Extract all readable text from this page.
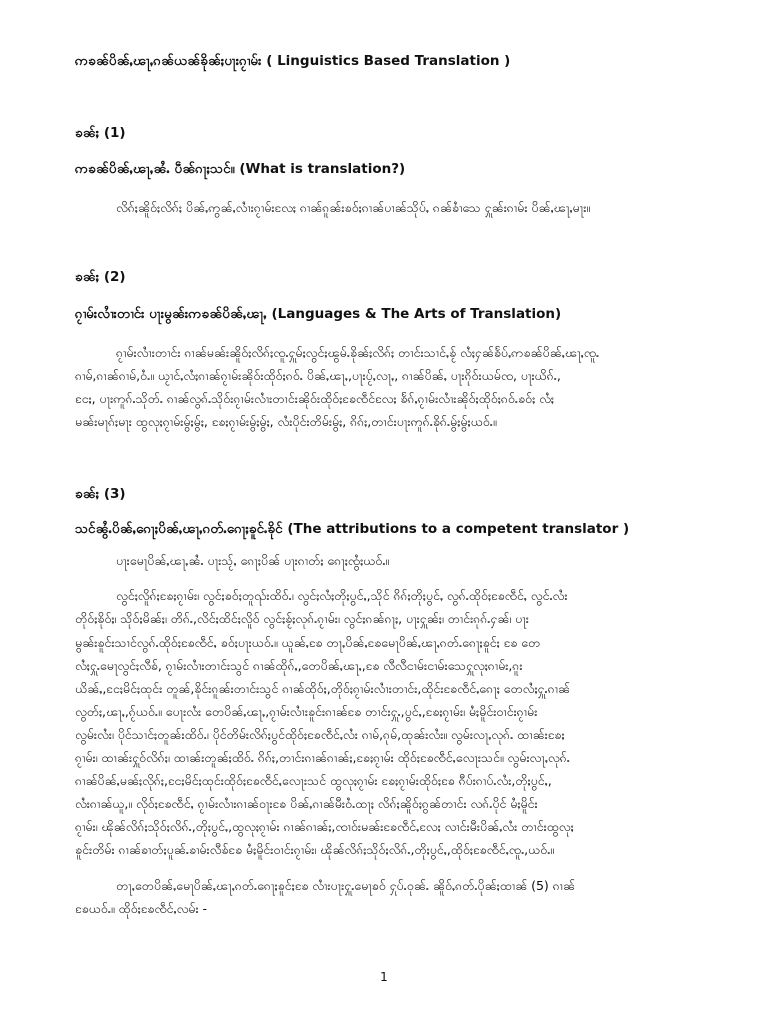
ဢၶၼ်ပိၼ်ႇၽႃႇၵၼ်ယၼ်ၶိုၼ်ႈပႃးၵႂၢမ်း ( Linguistics Based Translation )
ၶၼ်ႈ (1)
ဢၶၼ်ပိၼ်ႇၽႃႇၼႆႉ ပဵၼ်ၵႃႈသင်။ (What is translation?)
လိၵ်ႈၼိူဝ်ႈလိၵ်ႈ ပိၼ်ႇဢွၼ်ႇလၢႆးၵႂၢမ်းလႄႈ ၵၢၼ်ၵူၼ်းၶဝ်ႈၵၢၼ်ပၢၼ်သိုပ်ႇ ၵၼ်ၶၢႆသေ ႁူၼ်းၵၢမ်း ပိၼ်ႇၽႃႇမႃး။
ၶၼ်ႈ (2)
ၵႂၢမ်းလၢႆးတၢင်း ပႃးမွၼ်းဢၶၼ်ပိၼ်ႇၽႃႇ (Languages & The Arts of Translation)
ၵႂၢမ်းလၢႆးတၢင်း ၵၢၼ်မၼ်းၼိူဝ်ႈလိၵ်ႈၸူႉႁူမ်ႈလွင်ႈၽွမ်ႉၶိုၼ်ႈလိၵ်ႈ တၢင်းသၢင်ႇၶႂ် လႆႈႁၼ်ၶႅပ်ႇဢၶၼ်ပိၼ်ႇၽႃႇၸူႉ
ၵၢမ်,ၵၢၼ်ၵၢမ်,ဝႆႉ။ ယႂၢင်ႇလႆႈၵၢၼ်ၵႂၢမ်းၼိုဝ်းထိုဝ်ႈၵဝ်ႉ ပိၼ်ႇၽႃႇ,ပႃးပႂ်ႇလႃႇ, ၵၢၼ်ပိၼ်ႇ ပႃးၵိုဝ်းယမ်ၸ, ပႃးယိၵ်ႉ,
ငႄႈ, ပႃးဢူၵ်ႉသိုတ်ႉ ၵၢၼ်လွၵ်ႉသိုဝ်းၵႂၢမ်းလၢႆးတၢင်းၼိုဝ်းထိုဝ်ႈၶႄၸဵင်လႄႈ ၶႅၵ်ႇၵႂၢမ်းလၢႆးၼိုဝ်ႈထိုဝ်ႈၵဝ်ႉၶဝ်ႈ လႆႈ
မၼ်းမႃၵ်ႈမႃး ထွလုႈၵႂၢမ်းမွ်ႈမွ်ႈ, ၶႄႈၵႂၢမ်းမွ်ႈမွ်ႈ, လႆးပိုင်းတိမ်းမွ်ႈ, ၵိၵ်ႈ,တၢင်းပႃးဢူၵ်ႉၶိုၵ်ႉမွ်ႈမွ်ႈယဝ်ႉ။
ၶၼ်ႈ (3)
သင်ၼွႆႉပိၼ်ႇၵေႃႈပိၼ်ႇၽႃႇၵတ်ႉၵေႃႈၶူင်ႉၶိုင် (The attributions to a competent translator )
ပႃးမေႃပိၼ်ႇၽႃႇၼႆႉ ပႃးသႂ်ႇ ၵေႃႈပိၼ် ပႃးၵၢတ်ႈ ၵေႃႈၸွႆႈယဝ်ႉ။
လွင်ႈလိူၵ်ႈၶႄႈၵႂၢမ်း၊ လွင်ႈၶဝ်ႈတူၺ်းထိဝ်ႉ၊ လွင်ႈလႆႈတိုႈပွင်ႇ,သိုင် ၵိၵ်ႈတိုႈပွင်ႇ လွၵ်ႉထိုဝ်ႈၶႄၸဵင်ႇ လွင်ႉလႆး
တိုဝ်ႈၶိုဝ်ႈ၊ သိုဝ်ႈမိၼ်ႈ၊ တိၵ်ႉ,လိင်ႈထိင်ႈလိူဝ် လွင်ႈၶႂ်ႈလုၵ်ႉၵႂၢမ်း၊ လွင်ႈၵၼ်ၵႃႈ, ပႃးႁူၼ်ႈ၊ တၢင်းၵုၵ်ႉႁၼ်၊ ပႃး
မွၼ်းၶူင်းသၢင်လွၵ်ႉထိုဝ်ႈၶႄၸဵင်ႇ ၶဝ်ႈပႃးယဝ်ႉ။ ယူၼ်ႇၶႄ တႃႇပိၼ်ႇၶႄမေႃပိၼ်ႇၽႃႇၵတ်ႉၵေႃႈၶူင်ႈ ၶႄ တေ
လႆႈႁူႉမေႃလွင်ႈလီၶ်, ၵႂၢမ်းလၢႆးတၢင်းသွင် ၵၢၼ်ထိုၵ်ႇ,တေပိၼ်ႇၽႃႇ,ၶႄ လီလီငၢမ်းငၢမ်းသေႁူလုႈၵၢမ်း,ၵူး
ယိၼ်ႇ,ငႄႈမိင်ႈထုင်း တူၼ်,ၶိုင်းၵူၼ်းတၢင်းသွင် ၵၢၼ်ထိုဝ်ႈ,တိုဝ်ႈၵႂၢမ်းလၢႆးတၢင်း,ထိုင်းၶႄၸဵင်ႇၵေႃႈ တေလႆႈႁူႉၵၢၼ်
လွတ်ႈ,ၽႃႇ,ၵႂ်ယဝ်ႉ။ ပေႃးလႆး တေပိၼ်ႇၽႃႇ,ၵႂၢမ်းလၢႆးၶူင်းၵၢၼ်ၶႄ တၢင်းႁူႉ,ပွင်ႇ,ၶႄႈၵႂၢမ်း၊ မႆႈမိူင်းဝၢင်းၵႂၢမ်း
လွမ်းလႆး၊ ပိုင်သၢင်ႈတူၼ်းထိဝ်ႉ၊ ပိုင်တိမ်းလိၵ်ႈပွင်ထိုဝ်ႈၶႄၸဵင်ႇလႆး ၵၢမ်,ၵုမ်,ထုၼ်းလႆး။ လွမ်းလႃႇလုၵ်ႉ ထၢၼ်းၶႄႈ
ၵႂၢမ်း၊ ထၢၼ်းႁူဝ်လိၵ်ႈ၊ ထၢၼ်းတူၼ်ႈထိဝ်ႉ ၵိၵ်ႈ,တၢင်းၵၢၼ်ၵၢၼ်ႈ,ၶႄႈၵႂၢမ်း ထိုဝ်ႈၶႄၸဵင်ႇလေႃးသင်။ လွမ်းလႃႇလုၵ်ႉ
ၵၢၼ်ပိၼ်ႇမၼ်ႈလိုၵ်ႈ,ငႄႈမိင်ႈထုင်းထိုဝ်ႈၶႄၸဵင်ႇလေႃးသင် ထွလုႈၵႂၢမ်း ၶႄႈၵႂၢမ်းထိုဝ်ႈၶႄ ၵီပ်းၵၢပ်ႉလႆး,တိုႈပွင်ႇ,
လႆးၵၢၼ်ယူ,။ လိုဝ်ႈၶႄၸဵင်ႇ ၵႂၢမ်းလၢႆးၵၢၼ်ဝႃးၶႄ ပိၼ်ႇၵၢၼ်မီးဝႆႉထႃႈ လိၵ်ႈၼိူဝ်ႈၵွၼ်တၢင်း လၵ်ႉပိုင် မႆႈမိူင်း
ၵႂၢမ်း၊ ၽိုၼ်လိၵ်ႈသိုဝ်ႈလိၵ်ႉ,တိုႈပွင်ႇ,ထွလုႈၵႂၢမ်း ၵၢၼ်ၵၢၼ်ႈ,ၸၢဝ်းမၼ်းၶႄၸဵင်ႇလႄႈ လၢင်းမီးပိၼ်ႇလႆး တၢင်းထွလုႈ
ၶူင်းတိမ်း ၵၢၼ်ၶၢတ်ႈပူၼ်ႉၶၢမ်းလီၶ်ၶႄ မႆႈမိူင်းဝၢင်းၵႂၢမ်း၊ ၽိုၼ်လိၵ်ႈသိုဝ်ႈလိၵ်ႉ,တိုႈပွင်ႇ,ထိုဝ်ႈၶႄၸဵင်ႇၸူႉ,ယဝ်ႉ။
တႃႇတေပိၼ်ႇမေႃပိၼ်ႇၽႃႇၵတ်ႉၵေႃႈၶူင်ႈၶႄ လၢႆးပႃးႁူႉမေႃၶဝ် ႁုပ်ႉဝုၼ်ႉ ၼိူဝ်ႇၵတ်ႉပိုၼ်ႈထၢၼ် (5) ၵၢၼ်
ၶႄယဝ်ႉ။ ထိုဝ်ႈၶႄၸဵင်ႇလမ်း -
1
